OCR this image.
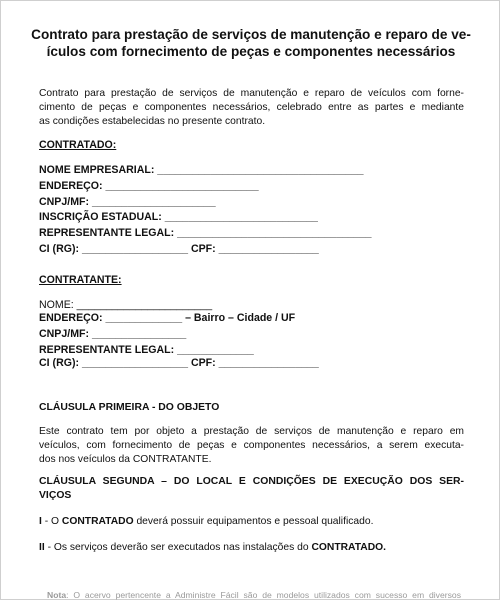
Contrato para prestação de serviços de manutenção e reparo de ve-
ículos com fornecimento de peças e componentes necessários
Contrato para prestação de serviços de manutenção e reparo de veículos com forne-
cimento de peças e componentes necessários, celebrado entre as partes e mediante
as condições estabelecidas no presente contrato.
CONTRATADO:
NOME EMPRESARIAL: ___________________________________
ENDEREÇO: __________________________
CNPJ/MF: _____________________
INSCRIÇÃO ESTADUAL: __________________________
REPRESENTANTE LEGAL: _________________________________
CI (RG): __________________ CPF: _________________
CONTRATANTE:
NOME: _______________________
ENDEREÇO: _____________ – Bairro – Cidade / UF
CNPJ/MF: ________________
REPRESENTANTE LEGAL: _____________
CI (RG): __________________ CPF: _________________
CLÁUSULA PRIMEIRA - DO OBJETO
Este contrato tem por objeto a prestação de serviços de manutenção e reparo em
veículos, com fornecimento de peças e componentes necessários, a serem executa-
dos nos veículos da CONTRATANTE.
CLÁUSULA SEGUNDA – DO LOCAL E CONDIÇÕES DE EXECUÇÃO DOS SER-
VIÇOS
I - O CONTRATADO deverá possuir equipamentos e pessoal qualificado.
II - Os serviços deverão ser executados nas instalações do CONTRATADO.
Nota: O acervo pertencente a Administre Fácil são de modelos utilizados com sucesso em diversos
